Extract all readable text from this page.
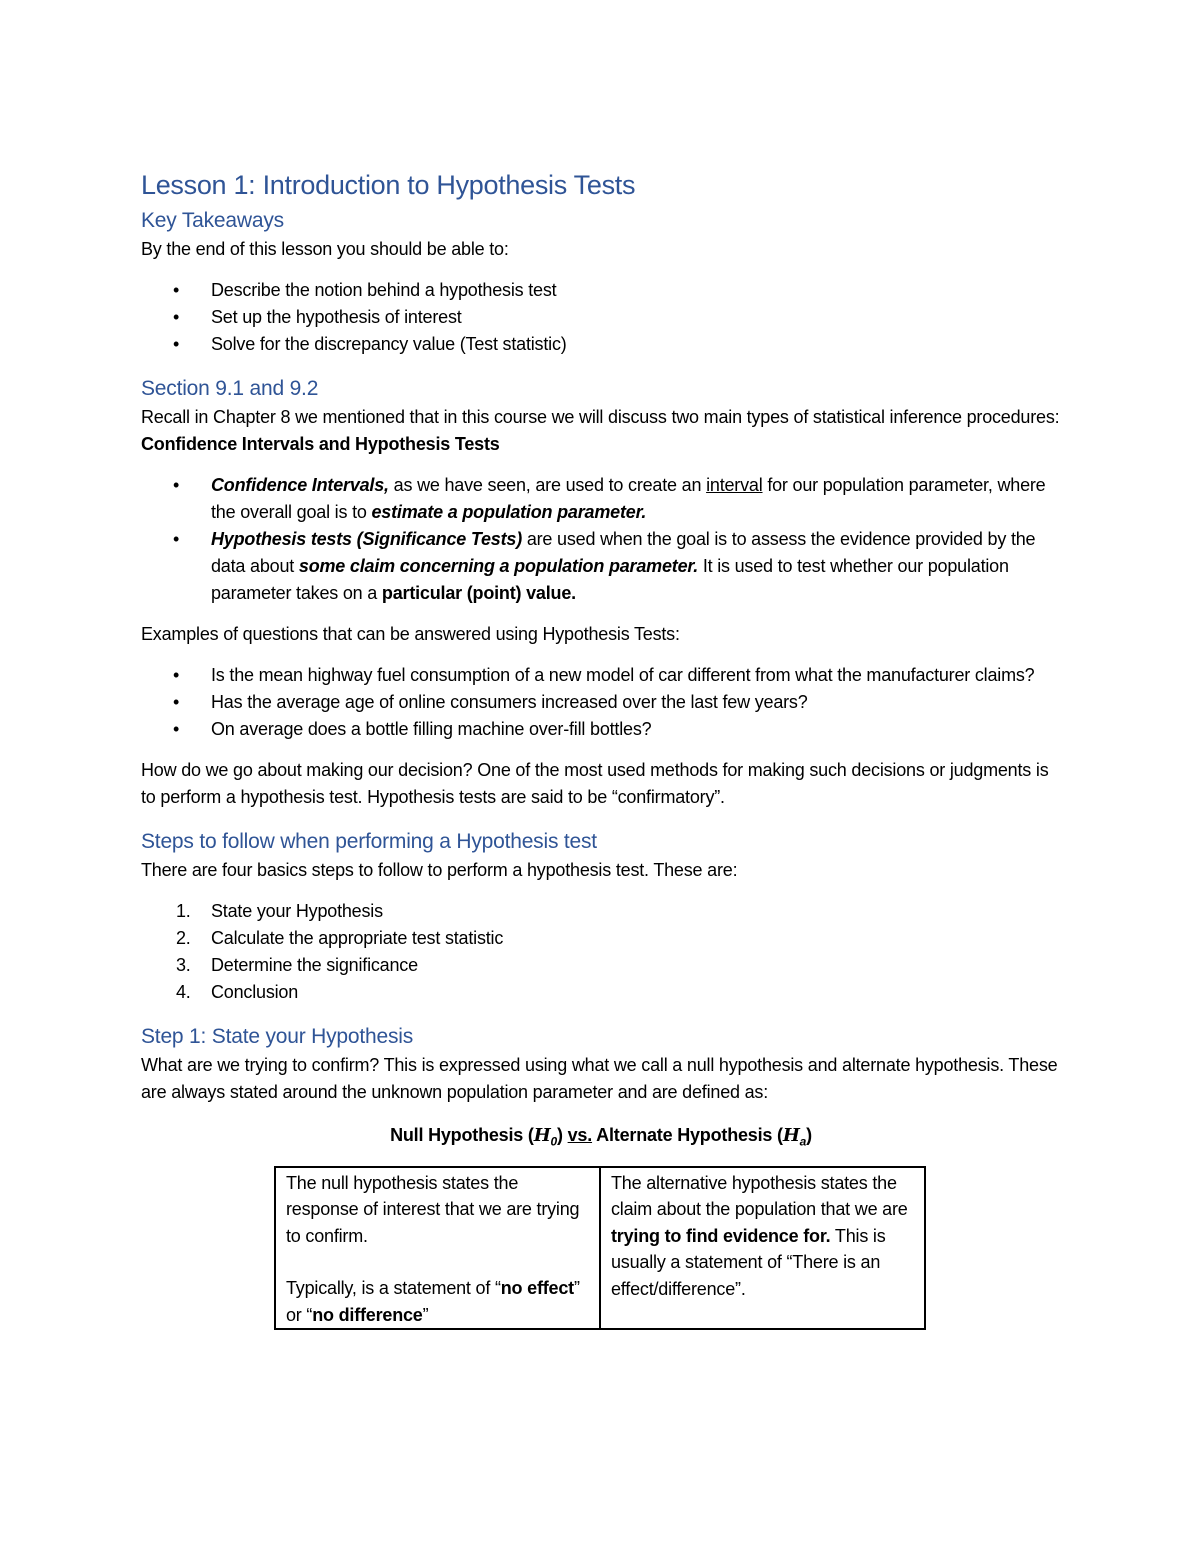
Lesson 1: Introduction to Hypothesis Tests
Key Takeaways

By the end of this lesson you should be able to:

• Describe the notion behind a hypothesis test
• Set up the hypothesis of interest
• Solve for the discrepancy value (Test statistic)
Section 9.1 and 9.2

Recall in Chapter 8 we mentioned that in this course we will discuss two main types of statistical inference procedures: Confidence Intervals and Hypothesis Tests

• Confidence Intervals, as we have seen, are used to create an interval for our population parameter, where the overall goal is to estimate a population parameter.
• Hypothesis tests (Significance Tests) are used when the goal is to assess the evidence provided by the data about some claim concerning a population parameter. It is used to test whether our population parameter takes on a particular (point) value.

Examples of questions that can be answered using Hypothesis Tests:

• Is the mean highway fuel consumption of a new model of car different from what the manufacturer claims?
• Has the average age of online consumers increased over the last few years?
• On average does a bottle filling machine over-fill bottles?

How do we go about making our decision? One of the most used methods for making such decisions or judgments is to perform a hypothesis test. Hypothesis tests are said to be “confirmatory”.

Steps to follow when performing a Hypothesis test

There are four basics steps to follow to perform a hypothesis test. These are:

1. State your Hypothesis
2. Calculate the appropriate test statistic
3. Determine the significance
4. Conclusion
Step 1: State your Hypothesis

What are we trying to confirm? This is expressed using what we call a null hypothesis and alternate hypothesis. These are always stated around the unknown population parameter and are defined as:

Null Hypothesis $(H_0)$ vs. Alternate Hypothesis $(H_a)$

The null hypothesis states the response of interest that we are trying to confirm.
Typically, is a statement of “no effect” or “no difference”
	The alternative hypothesis states the claim about the population that we are trying to find evidence for. This is usually a statement of “There is an effect/difference”.
